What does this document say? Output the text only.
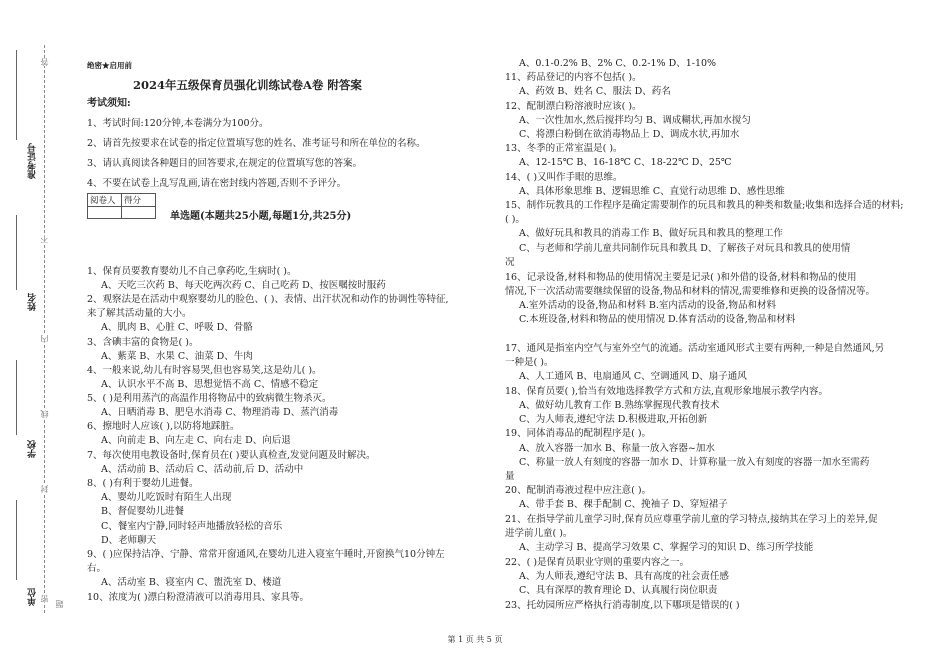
准考证号
姓名
学校
单位 密
封
线
内
不
答
题
绝密★启用前
2024年五级保育员强化训练试卷A卷 附答案
考试须知:
1、考试时间:120分钟,本卷满分为100分。
2、请首先按要求在试卷的指定位置填写您的姓名、准考证号和所在单位的名称。
3、请认真阅读各种题目的回答要求,在规定的位置填写您的答案。
4、不要在试卷上乱写乱画,请在密封线内答题,否则不予评分。
阅卷人	得分

单选题(本题共25小题,每题1分,共25分)
1、保育员要教育婴幼儿不自己拿药吃,生病时( )。
A、天吃三次药 B、每天吃两次药 C、自己吃药 D、按医嘱按时服药
2、观察法是在活动中观察婴幼儿的脸色、( )、表情、出汗状况和动作的协调性等特征,
来了解其活动量的大小。
A、肌肉 B、心脏 C、呼吸 D、骨骼
3、含碘丰富的食物是( )。
A、紫菜 B、水果 C、油菜 D、牛肉
4、一般来说,幼儿有时容易哭,但也容易笑,这是幼儿( )。
A、认识水平不高 B、思想觉悟不高 C、情感不稳定
5、( )是利用蒸汽的高温作用将物品中的致病微生物杀灭。
A、日晒消毒 B、肥皂水消毒 C、物理消毒 D、蒸汽消毒
6、擦地时人应该( ),以防将地踩脏。
A、向前走 B、向左走 C、向右走 D、向后退
7、每次使用电教设备时,保育员在( )要认真检查,发觉问题及时解决。
A、活动前 B、活动后 C、活动前,后 D、活动中
8、( )有利于婴幼儿进餐。
A、婴幼儿吃饭时有陌生人出现
B、督促婴幼儿进餐
C、餐室内宁静,同时轻声地播放轻松的音乐
D、老师聊天
9、( )应保持洁净、宁静、常常开窗通风,在婴幼儿进入寝室午睡时,开窗换气10分钟左
右。
A、活动室 B、寝室内 C、盥洗室 D、楼道
10、浓度为( )漂白粉澄清液可以消毒用具、家具等。
A、0.1-0.2% B、2% C、0.2-1% D、1-10%
11、药品登记的内容不包括( )。
A、药效 B、姓名 C、服法 D、药名
12、配制漂白粉溶液时应该( )。
A、一次性加水,然后搅拌均匀 B、调成糊状,再加水搅匀
C、将漂白粉倒在欲消毒物品上 D、调成水状,再加水
13、冬季的正常室温是( )。
A、12-15℃ B、16-18℃ C、18-22℃ D、25℃
14、( )又叫作手眼的思维。
A、具体形象思维 B、逻辑思维 C、直觉行动思维 D、感性思维
15、制作玩教具的工作程序是确定需要制作的玩具和教具的种类和数量;收集和选择合适的材料;
( )。
A、做好玩具和教具的消毒工作 B、做好玩具和教具的整理工作
C、与老师和学前儿童共同制作玩具和教具 D、了解孩子对玩具和教具的使用情
况
16、记录设备,材料和物品的使用情况主要是记录( )和外借的设备,材料和物品的使用
情况,下一次活动需要继续保留的设备,物品和材料的情况,需要维修和更换的设备情况等。
A.室外活动的设备,物品和材料 B.室内活动的设备,物品和材料
C.本班设备,材料和物品的使用情况 D.体育活动的设备,物品和材料
17、通风是指室内空气与室外空气的流通。活动室通风形式主要有两种,一种是自然通风,另
一种是( )。
A、人工通风 B、电扇通风 C、空调通风 D、扇子通风
18、保育员要( ),恰当有效地选择教学方式和方法,直观形象地展示教学内容。
A、做好幼儿教育工作 B.熟练掌握现代教育技术
C、为人师表,遵纪守法 D.积极进取,开拓创新
19、同体消毒品的配制程序是( )。
A、放入容器一加水 B、称量一放入容器~加水
C、称量一放人有刻度的容器一加水 D、计算称量一放入有刻度的容器一加水至需药
量
20、配制消毒液过程中应注意( )。
A、带手套 B、稞手配制 C、挽袖子 D、穿短裙子
21、在指导学前儿童学习时,保育员应尊重学前儿童的学习特点,接纳其在学习上的差异,促
进学前儿童( )。
A、主动学习 B、提高学习效果 C、掌握学习的知识 D、练习所学技能
22、( )是保育员职业守则的重要内容之一。
A、为人师表,遵纪守法 B、具有高度的社会责任感
C、具有深厚的教育理论 D、认真履行岗位职责
23、托幼园所应严格执行消毒制度,以下哪项是错误的( )
第 1 页 共 5 页
